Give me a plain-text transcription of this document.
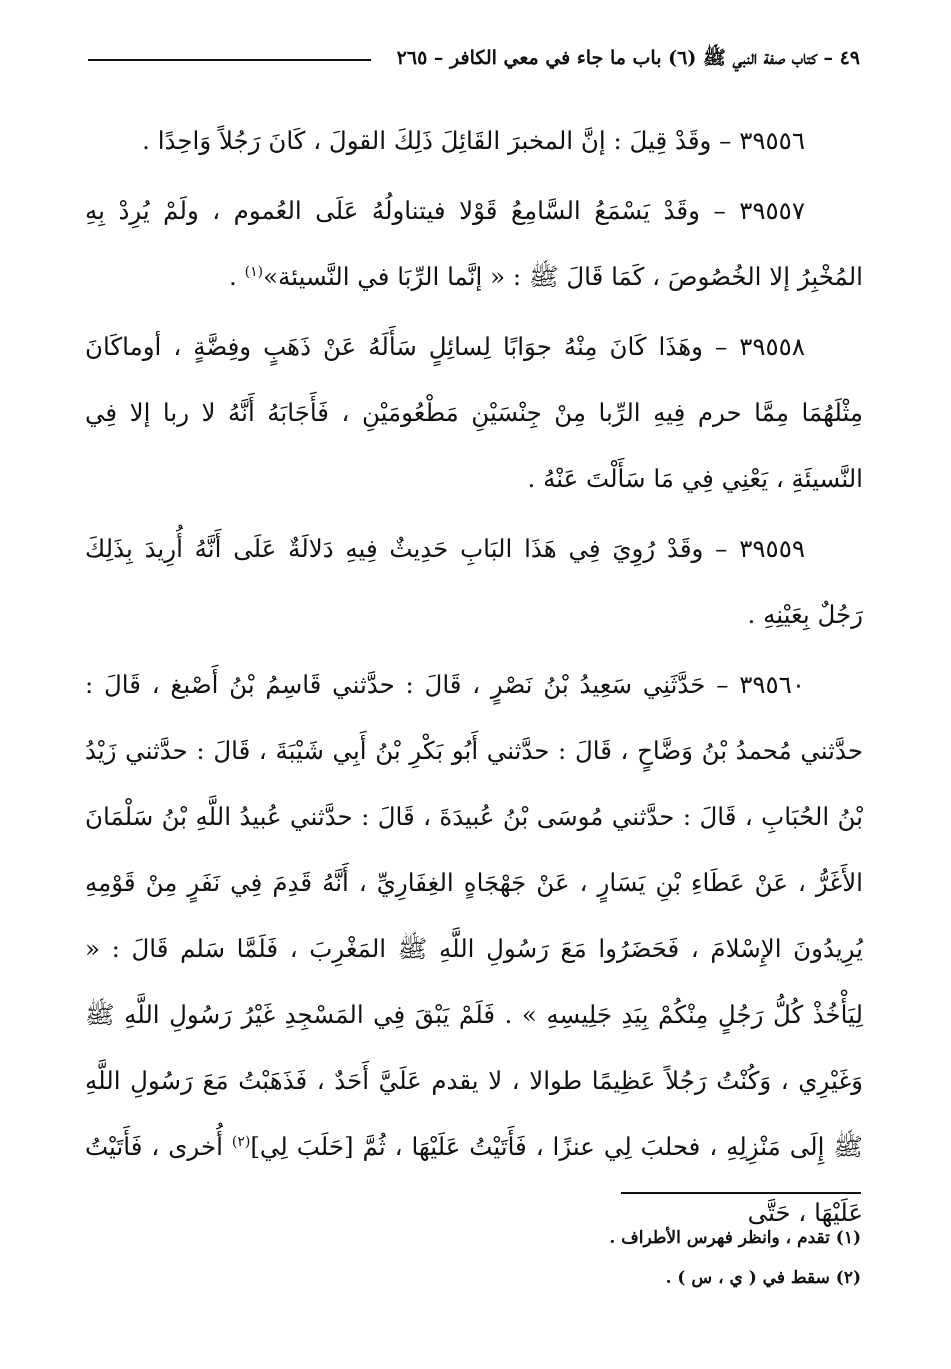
٤٩ – كتاب صفة النبي ﷺ (٦) باب ما جاء في معي الكافر – ٢٦٥

٣٩٥٥٦ – وقَدْ قِيلَ : إنَّ المخبرَ القَائِلَ ذَلِكَ القولَ ، كَانَ رَجُلاً وَاحِدًا .

٣٩٥٥٧ – وقَدْ يَسْمَعُ السَّامِعُ قَوْلا فيتناولُهُ عَلَى العُموم ، ولَمْ يُرِدْ بِهِ المُخْبِرُ إلا الخُصُوصَ ، كَمَا قَالَ ﷺ : « إنَّما الرِّبَا في النَّسيئة»$^{(١)}$ .

٣٩٥٥٨ – وهَذَا كَانَ مِنْهُ جوَابًا لِسائِلٍ سَأَلَهُ عَنْ ذَهَبٍ وفِضَّةٍ ، أوماكَانَ مِثْلَهُمَا مِمَّا حرم فِيهِ الرِّبا مِنْ جِنْسَيْنِ مَطْعُومَيْنِ ، فَأَجَابَهُ أَنَّهُ لا ربا إلا فِي النَّسيئَةِ ، يَعْنِي فِي مَا سَأَلْتَ عَنْهُ .

٣٩٥٥٩ – وقَدْ رُوِيَ فِي هَذَا البَابِ حَدِيثٌ فِيهِ دَلالَةٌ عَلَى أَنَّهُ أُرِيدَ بِذَلِكَ رَجُلٌ بِعَيْنِهِ .

٣٩٥٦٠ – حَدَّثَنِي سَعِيدُ بْنُ نَصْرٍ ، قَالَ : حدَّثني قَاسِمُ بْنُ أَصْبغ ، قَالَ : حدَّثني مُحمدُ بْنُ وَضَّاحٍ ، قَالَ : حدَّثني أَبُو بَكْرِ بْنُ أَبِي شَيْبَةَ ، قَالَ : حدَّثني زَيْدُ بْنُ الحُبَابِ ، قَالَ : حدَّثني مُوسَى بْنُ عُبيدَةَ ، قَالَ : حدَّثني عُبيدُ اللَّهِ بْنُ سَلْمَانَ الأَغَرُّ ، عَنْ عَطَاءِ بْنِ يَسَارٍ ، عَنْ جَهْجَاهٍ الغِفَارِيِّ ، أَنَّهُ قَدِمَ فِي نَفَرٍ مِنْ قَوْمِهِ يُرِيدُونَ الإِسْلامَ ، فَحَضَرُوا مَعَ رَسُولِ اللَّهِ ﷺ المَغْرِبَ ، فَلَمَّا سَلم قَالَ : « لِيَأْخُذْ كُلُّ رَجُلٍ مِنْكُمْ بِيَدِ جَلِيسِهِ » . فَلَمْ يَبْقَ فِي المَسْجِدِ غَيْرُ رَسُولِ اللَّهِ ﷺ وَغَيْرِي ، وَكُنْتُ رَجُلاً عَظِيمًا طوالا ، لا يقدم عَلَيَّ أَحَدٌ ، فَذَهَبْتُ مَعَ رَسُولِ اللَّهِ ﷺ إِلَى مَنْزِلِهِ ، فحلبَ لِي عنزًا ، فَأَتَيْتُ عَلَيْهَا ، ثُمَّ [حَلَبَ لِي]$^{(٢)}$ أُخرى ، فَأَتَيْتُ عَلَيْهَا ، حَتَّى

(١) تقدم ، وانظر فهرس الأطراف .
(٢) سقط في ( ي ، س ) .
